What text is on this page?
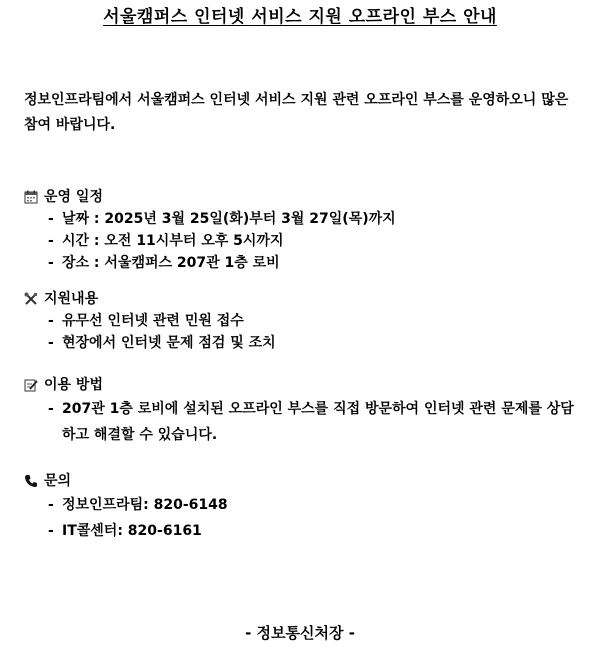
서울캠퍼스 인터넷 서비스 지원 오프라인 부스 안내
정보인프라팀에서 서울캠퍼스 인터넷 서비스 지원 관련 오프라인 부스를 운영하오니 많은 참여 바랍니다.
운영 일정
- 날짜 : 2025년 3월 25일(화)부터 3월 27일(목)까지
- 시간 : 오전 11시부터 오후 5시까지
- 장소 : 서울캠퍼스 207관 1층 로비
지원내용
- 유무선 인터넷 관련 민원 접수
- 현장에서 인터넷 문제 점검 및 조치
이용 방법
- 207관 1층 로비에 설치된 오프라인 부스를 직접 방문하여 인터넷 관련 문제를 상담하고 해결할 수 있습니다.
문의
- 정보인프라팀: 820-6148
- IT콜센터: 820-6161
- 정보통신처장 -
